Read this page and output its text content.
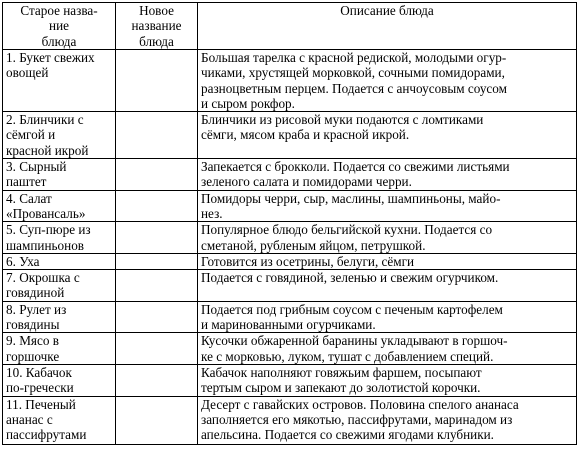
Старое назва-
ние
блюда	Новое
название
блюда	Описание блюда

1. Букет свежих
овощей		Большая тарелка с красной редиской, молодыми огур-
чиками, хрустящей морковкой, сочными помидорами,
разноцветным перцем. Подается с анчоусовым соусом
и сыром рокфор.

2. Блинчики с
сёмгой и
красной икрой		Блинчики из рисовой муки подаются с ломтиками
сёмги, мясом краба и красной икрой.

3. Сырный
паштет		Запекается с брокколи. Подается со свежими листьями
зеленого салата и помидорами черри.

4. Салат
«Провансаль»		Помидоры черри, сыр, маслины, шампиньоны, майо-
нез.

5. Суп-пюре из
шампиньонов		Популярное блюдо бельгийской кухни. Подается со
сметаной, рубленым яйцом, петрушкой.

6. Уха		Готовится из осетрины, белуги, сёмги

7. Окрошка с
говядиной		Подается с говядиной, зеленью и свежим огурчиком.

8. Рулет из
говядины		Подается под грибным соусом с печеным картофелем
и маринованными огурчиками.

9. Мясо в
горшочке		Кусочки обжаренной баранины укладывают в горшоч-
ке с морковью, луком, тушат с добавлением специй.

10. Кабачок
по-гречески		Кабачок наполняют говяжьим фаршем, посыпают
тертым сыром и запекают до золотистой корочки.

11. Печеный
ананас с
пассифрутами		Десерт с гавайских островов. Половина спелого ананаса
заполняется его мякотью, пассифрутами, маринадом из
апельсина. Подается со свежими ягодами клубники.
